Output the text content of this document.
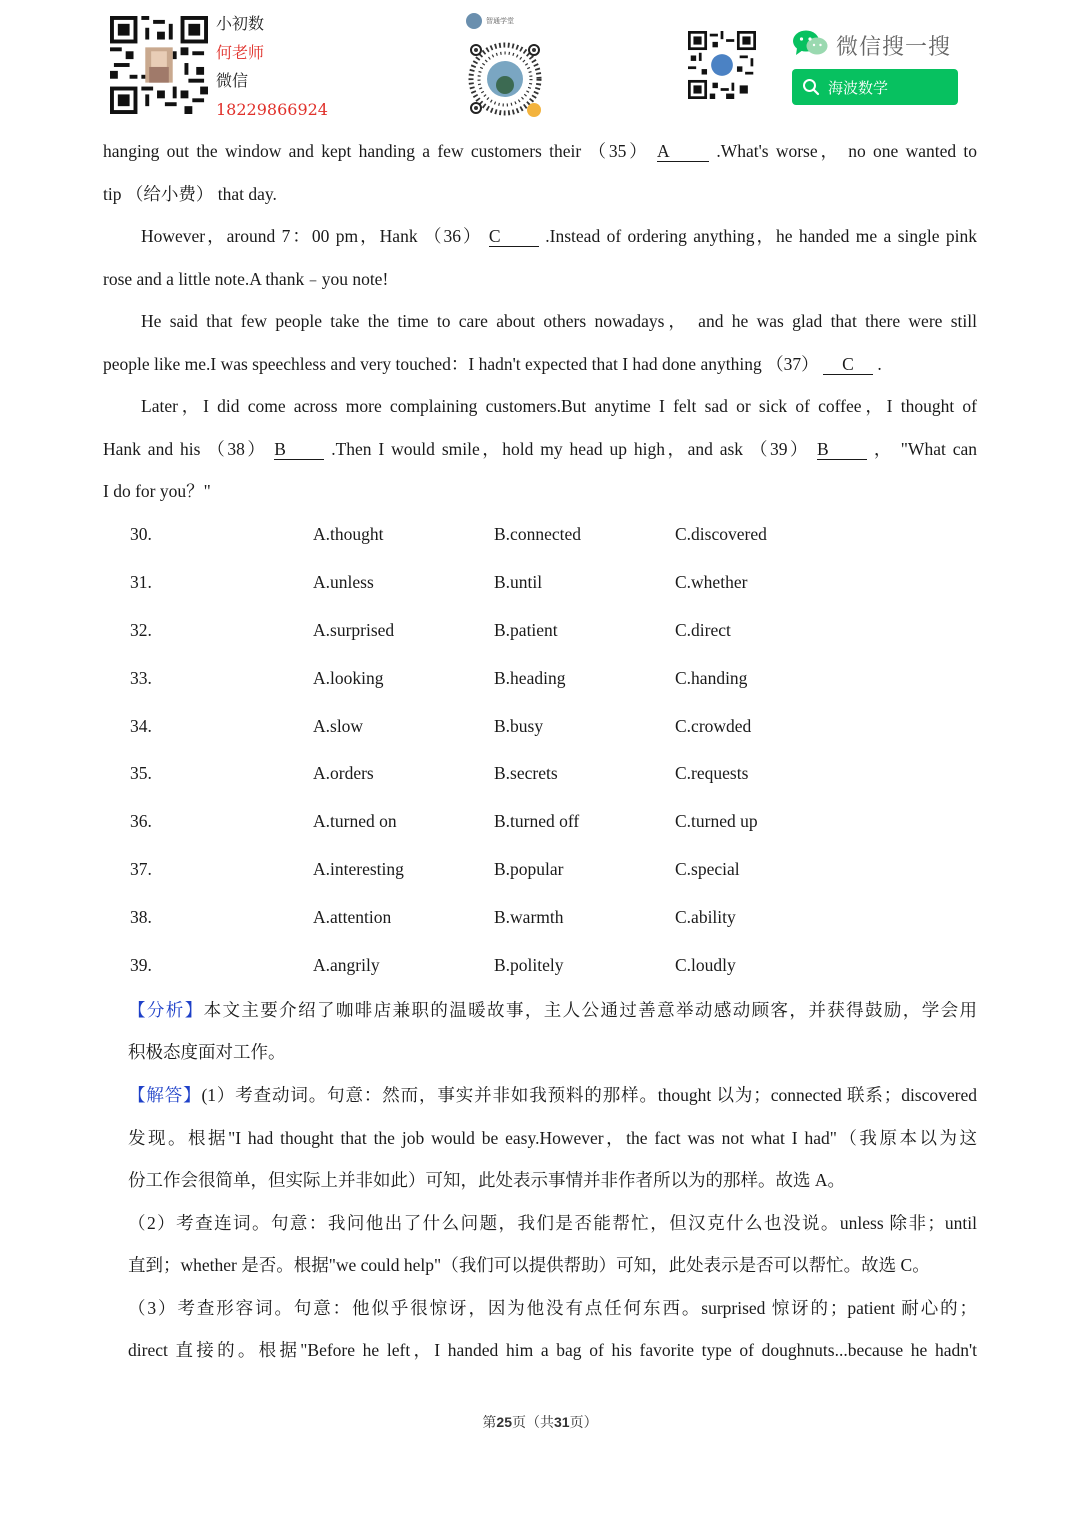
小初数
何老师
微信
18229866924
智通学堂
微信搜一搜
海波数学
hanging out the window and kept handing a few customers their （35） A	.What's worse， no one wanted to
tip （给小费） that day.
However，around 7：00 pm，Hank （36） C	.Instead of ordering anything，he handed me a single pink
rose and a little note.A thank﹣you note!
He said that few people take the time to care about others nowadays， and he was glad that there were still
people like me.I was speechless and very touched：I hadn't expected that I had done anything （37） C .
Later，I did come across more complaining customers.But anytime I felt sad or sick of coffee，I thought of
Hank and his （38） B	.Then I would smile，hold my head up high，and ask （39） B	， "What can
I do for you？"
30.	A.thought	B.connected	C.discovered
31.	A.unless	B.until	C.whether
32.	A.surprised	B.patient	C.direct
33.	A.looking	B.heading	C.handing
34.	A.slow	B.busy	C.crowded
35.	A.orders	B.secrets	C.requests
36.	A.turned on	B.turned off	C.turned up
37.	A.interesting	B.popular	C.special
38.	A.attention	B.warmth	C.ability
39.	A.angrily	B.politely	C.loudly
【分析】本文主要介绍了咖啡店兼职的温暖故事，主人公通过善意举动感动顾客，并获得鼓励，学会用
积极态度面对工作。
【解答】(1）考查动词。句意：然而，事实并非如我预料的那样。thought 以为；connected 联系；discovered
发现。根据"I had thought that the job would be easy.However，the fact was not what I had"（我原本以为这
份工作会很简单，但实际上并非如此）可知，此处表示事情并非作者所以为的那样。故选 A。
（2）考查连词。句意：我问他出了什么问题，我们是否能帮忙，但汉克什么也没说。unless 除非；until
直到；whether 是否。根据"we could help"（我们可以提供帮助）可知，此处表示是否可以帮忙。故选 C。
（3）考查形容词。句意：他似乎很惊讶，因为他没有点任何东西。surprised 惊讶的；patient 耐心的；
direct 直接的。根据"Before he left，I handed him a bag of his favorite type of doughnuts...because he hadn't
第25页（共31页）
